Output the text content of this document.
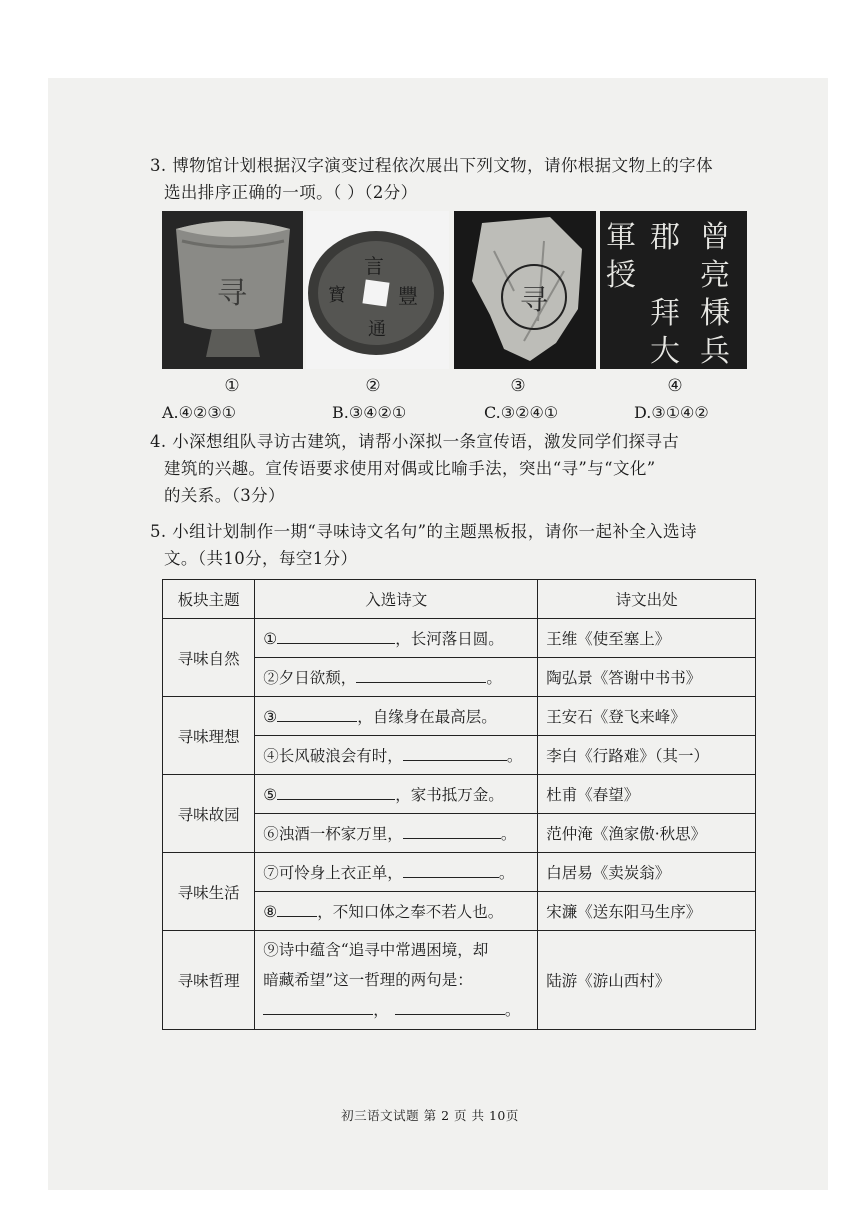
3. 博物馆计划根据汉字演变过程依次展出下列文物，请你根据文物上的字体
选出排序正确的一项。（ ）（2分）
寻
言
豐
寳
通
寻
曾
郡
軍
亮
棅
授
拜
兵
大
①	②	③	④
A.④②③①	B.③④②①	C.③②④①	D.③①④②
4. 小深想组队寻访古建筑，请帮小深拟一条宣传语，激发同学们探寻古
建筑的兴趣。宣传语要求使用对偶或比喻手法，突出“寻”与“文化”
的关系。（3分）
5. 小组计划制作一期“寻味诗文名句”的主题黑板报，请你一起补全入选诗
文。（共10分，每空1分）
板块主题	入选诗文	诗文出处
寻味自然	① ，长河落日圆。	王维《使至塞上》
	②夕日欲颓， 。	陶弘景《答谢中书书》
寻味理想	③ ，自缘身在最高层。	王安石《登飞来峰》
	④长风破浪会有时， 。	李白《行路难》（其一）
寻味故园	⑤ ，家书抵万金。	杜甫《春望》
	⑥浊酒一杯家万里， 。	范仲淹《渔家傲·秋思》
寻味生活	⑦可怜身上衣正单， 。	白居易《卖炭翁》
	⑧ ，不知口体之奉不若人也。	宋濂《送东阳马生序》
寻味哲理	⑨诗中蕴含“追寻中常遇困境，却
暗藏希望”这一哲理的两句是：
， 。	陆游《游山西村》
初三语文试题 第 2 页 共 10页
